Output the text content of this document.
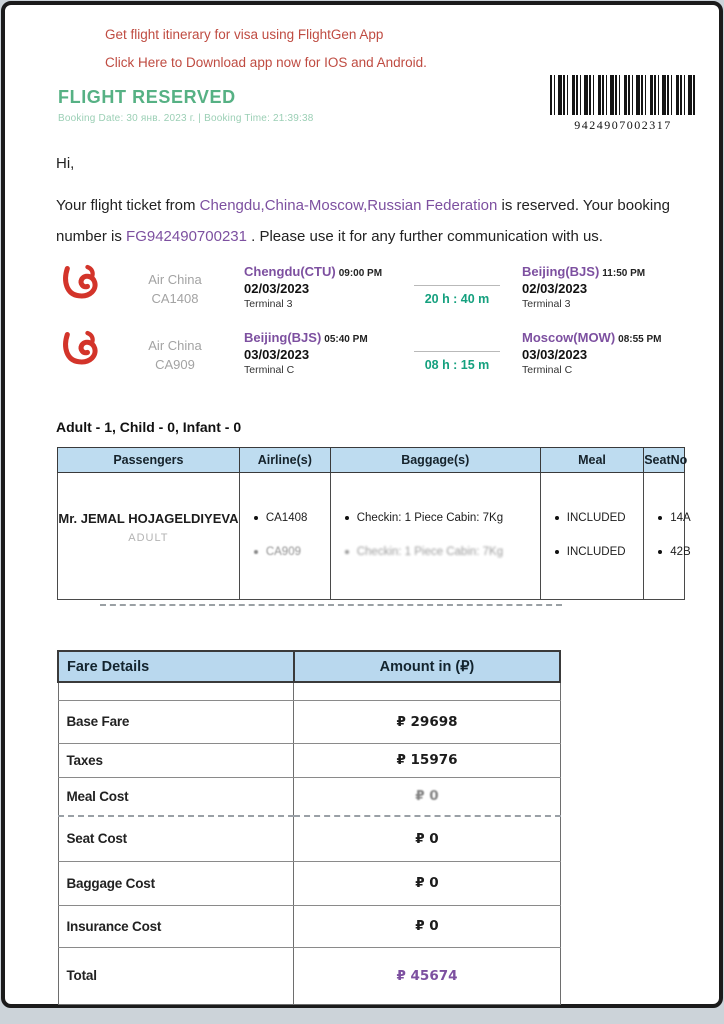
Get flight itinerary for visa using FlightGen App
Click Here to Download app now for IOS and Android.
FLIGHT RESERVED
Booking Date: 30 янв. 2023 г. | Booking Time: 21:39:38	9424907002317
Hi,

Your flight ticket from Chengdu,China-Moscow,Russian Federation is reserved. Your booking number is FG942490700231 . Please use it for any further communication with us.

Air China
CA1408
Chengdu(CTU) 09:00 PM
02/03/2023
Terminal 3	20 h : 40 m
Beijing(BJS) 11:50 PM
02/03/2023
Terminal 3
Air China
CA909
Beijing(BJS) 05:40 PM
03/03/2023
Terminal C	08 h : 15 m
Moscow(MOW) 08:55 PM
03/03/2023
Terminal C
Adult - 1, Child - 0, Infant - 0
Passengers	Airline(s)	Baggage(s)	Meal	SeatNo

Mr. JEMAL HOJAGELDIYEVA
ADULT

CA1408
CA909

Checkin: 1 Piece Cabin: 7Kg
Checkin: 1 Piece Cabin: 7Kg

INCLUDED
INCLUDED

14A
42B
Fare Details	Amount in (₽)

Base Fare	₽ 29698
Taxes	₽ 15976
Meal Cost	₽ 0
Seat Cost	₽ 0
Baggage Cost	₽ 0
Insurance Cost	₽ 0
Total	₽ 45674
